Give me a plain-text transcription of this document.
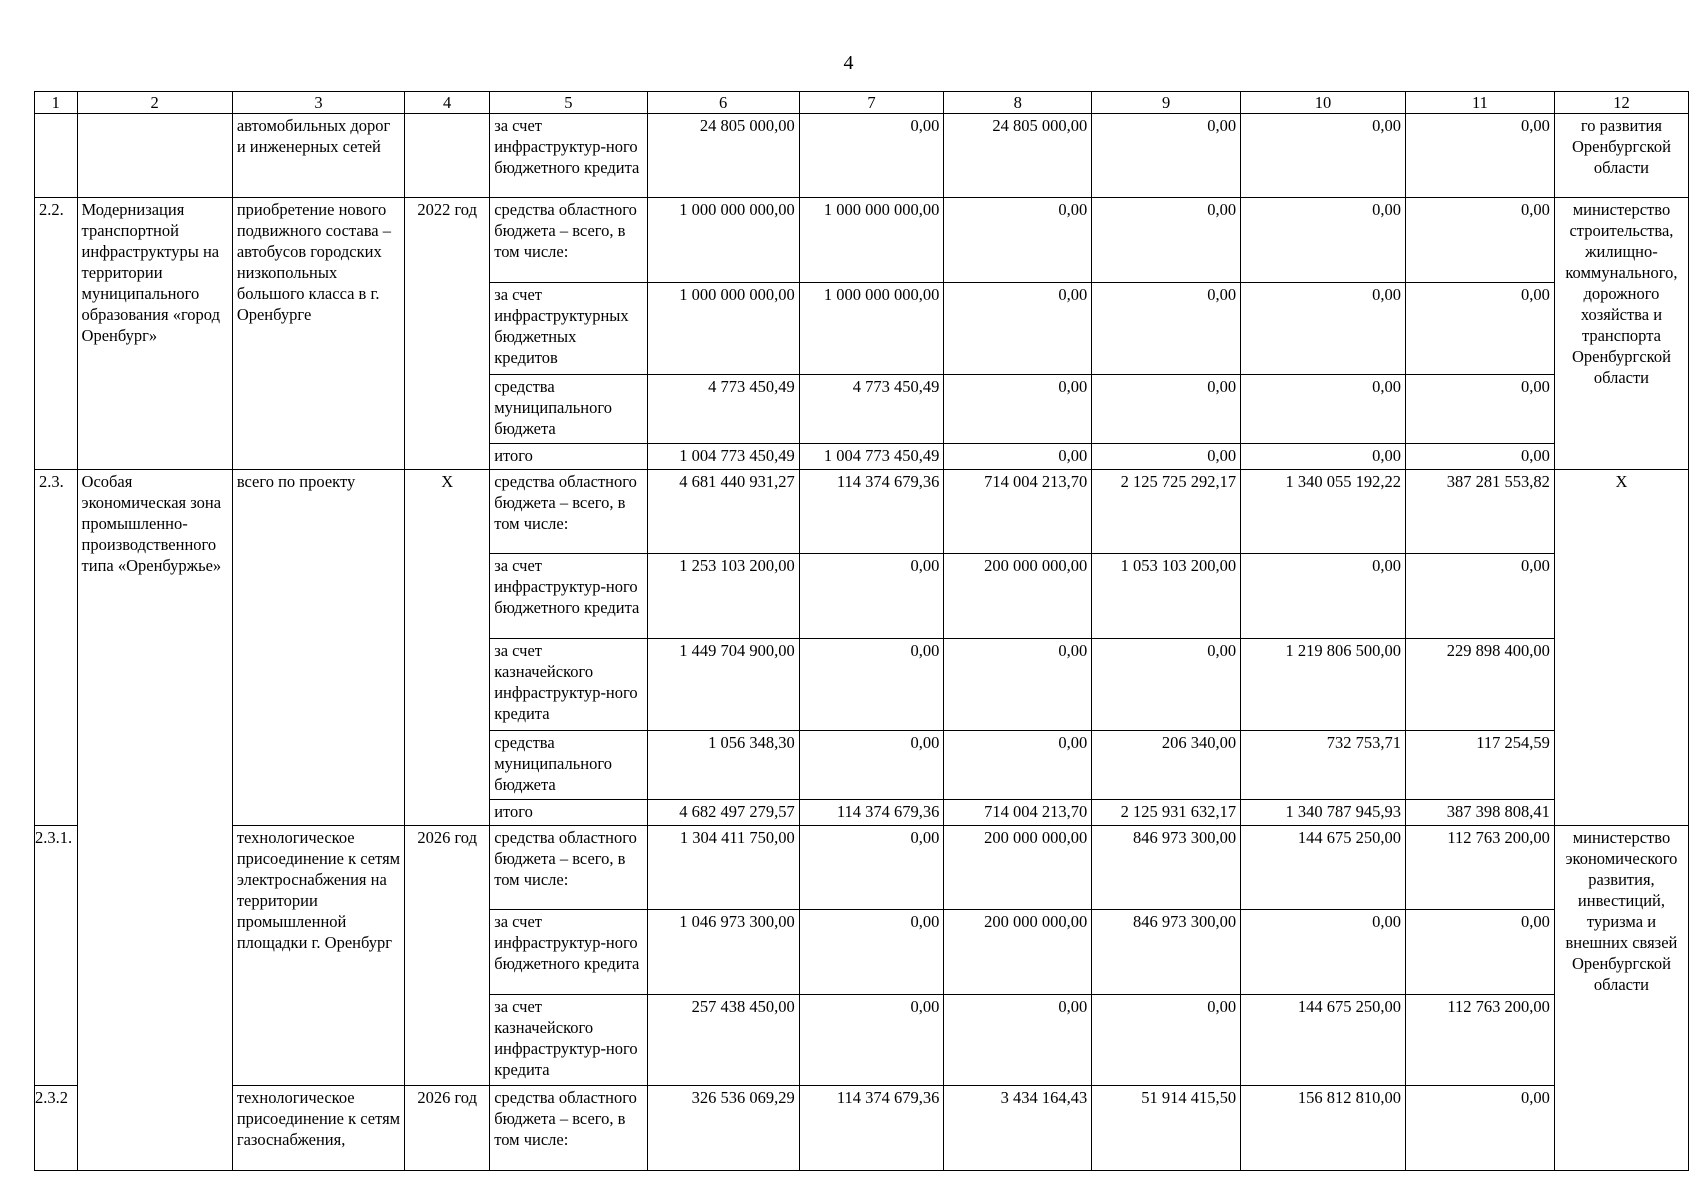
4
1	2	3	4	5	6	7	8	9	10	11	12
		автомобильных дорог и инженерных сетей		за счет инфраструктур-ного бюджетного кредита	24 805 000,00	0,00	24 805 000,00	0,00	0,00	0,00	го развития Оренбургской области
2.2.	Модернизация транспортной инфраструктуры на территории муниципального образования «город Оренбург»	приобретение нового подвижного состава – автобусов городских низкопольных большого класса в г. Оренбурге	2022 год	средства областного бюджета – всего, в том числе:	1 000 000 000,00	1 000 000 000,00	0,00	0,00	0,00	0,00	министерство строительства, жилищно-коммунального, дорожного хозяйства и транспорта Оренбургской области
				за счет инфраструктурных бюджетных кредитов	1 000 000 000,00	1 000 000 000,00	0,00	0,00	0,00	0,00	
				средства муниципального бюджета	4 773 450,49	4 773 450,49	0,00	0,00	0,00	0,00	
				итого	1 004 773 450,49	1 004 773 450,49	0,00	0,00	0,00	0,00	
2.3.	Особая экономическая зона промышленно-производственного типа «Оренбуржье»	всего по проекту	Х	средства областного бюджета – всего, в том числе:	4 681 440 931,27	114 374 679,36	714 004 213,70	2 125 725 292,17	1 340 055 192,22	387 281 553,82	Х
				за счет инфраструктур-ного бюджетного кредита	1 253 103 200,00	0,00	200 000 000,00	1 053 103 200,00	0,00	0,00	
				за счет казначейского инфраструктур-ного кредита	1 449 704 900,00	0,00	0,00	0,00	1 219 806 500,00	229 898 400,00	
				средства муниципального бюджета	1 056 348,30	0,00	0,00	206 340,00	732 753,71	117 254,59	
				итого	4 682 497 279,57	114 374 679,36	714 004 213,70	2 125 931 632,17	1 340 787 945,93	387 398 808,41	
2.3.1.		технологическое присоединение к сетям электроснабжения на территории промышленной площадки г. Оренбург	2026 год	средства областного бюджета – всего, в том числе:	1 304 411 750,00	0,00	200 000 000,00	846 973 300,00	144 675 250,00	112 763 200,00	министерство экономического развития, инвестиций, туризма и внешних связей Оренбургской области
				за счет инфраструктур-ного бюджетного кредита	1 046 973 300,00	0,00	200 000 000,00	846 973 300,00	0,00	0,00	
				за счет казначейского инфраструктур-ного кредита	257 438 450,00	0,00	0,00	0,00	144 675 250,00	112 763 200,00	
2.3.2		технологическое присоединение к сетям газоснабжения,	2026 год	средства областного бюджета – всего, в том числе:	326 536 069,29	114 374 679,36	3 434 164,43	51 914 415,50	156 812 810,00	0,00	
